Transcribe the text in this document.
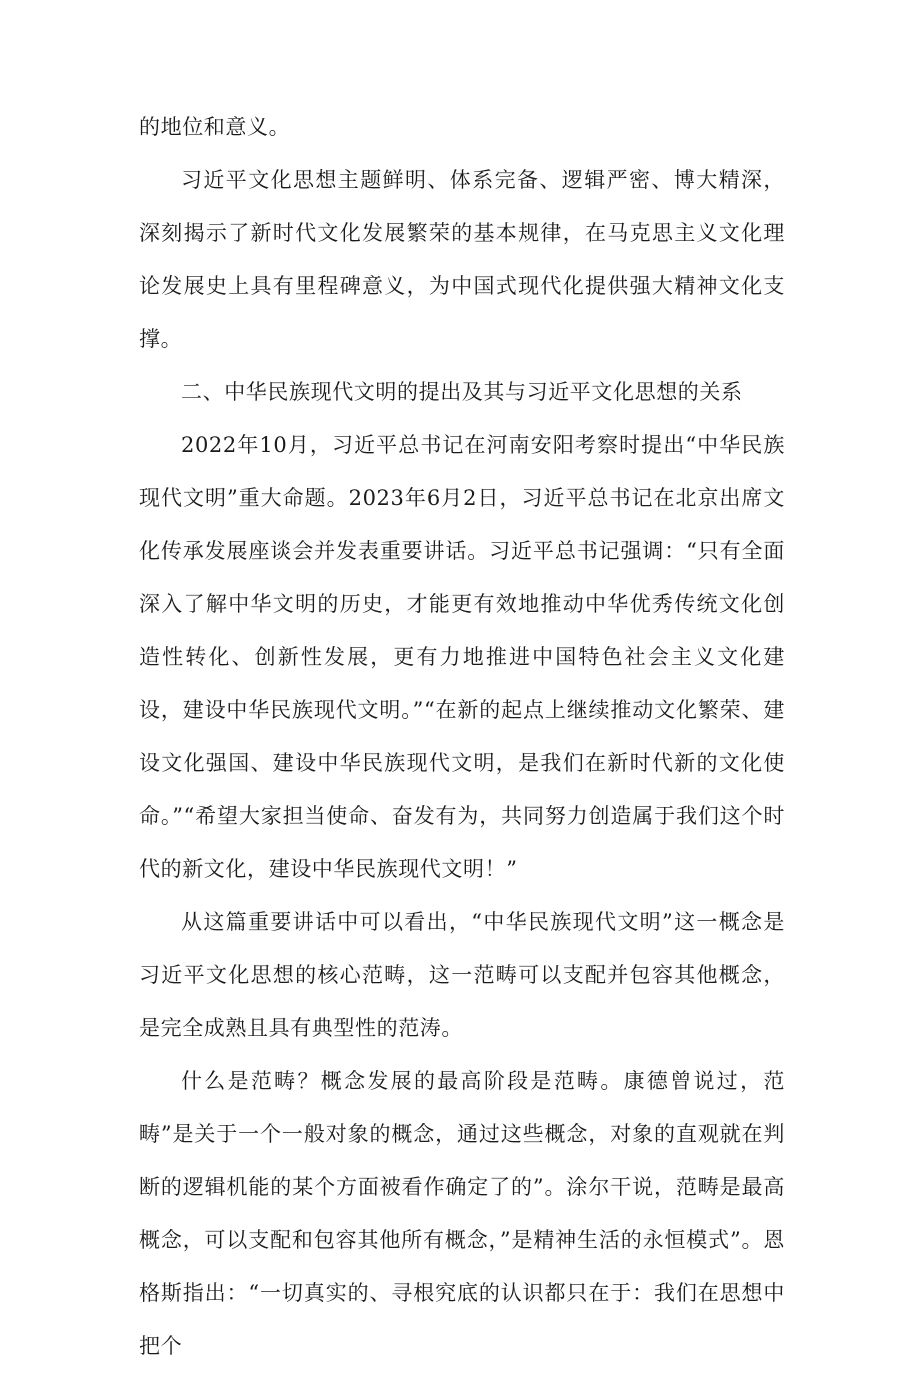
的地位和意义。

习近平文化思想主题鲜明、体系完备、逻辑严密、博大精深，深刻揭示了新时代文化发展繁荣的基本规律，在马克思主义文化理论发展史上具有里程碑意义，为中国式现代化提供强大精神文化支撑。

二、中华民族现代文明的提出及其与习近平文化思想的关系

2022年10月，习近平总书记在河南安阳考察时提出“中华民族现代文明”重大命题。2023年6月2日，习近平总书记在北京出席文化传承发展座谈会并发表重要讲话。习近平总书记强调：“只有全面深入了解中华文明的历史，才能更有效地推动中华优秀传统文化创造性转化、创新性发展，更有力地推进中国特色社会主义文化建设，建设中华民族现代文明。”“在新的起点上继续推动文化繁荣、建设文化强国、建设中华民族现代文明，是我们在新时代新的文化使命。”“希望大家担当使命、奋发有为，共同努力创造属于我们这个时代的新文化，建设中华民族现代文明！”

从这篇重要讲话中可以看出，“中华民族现代文明”这一概念是习近平文化思想的核心范畴，这一范畴可以支配并包容其他概念，是完全成熟且具有典型性的范涛。

什么是范畴？概念发展的最高阶段是范畴。康德曾说过，范畴”是关于一个一般对象的概念，通过这些概念，对象的直观就在判断的逻辑机能的某个方面被看作确定了的”。涂尔干说，范畴是最高概念，可以支配和包容其他所有概念，”是精神生活的永恒模式”。恩格斯指出：“一切真实的、寻根究底的认识都只在于：我们在思想中把个
